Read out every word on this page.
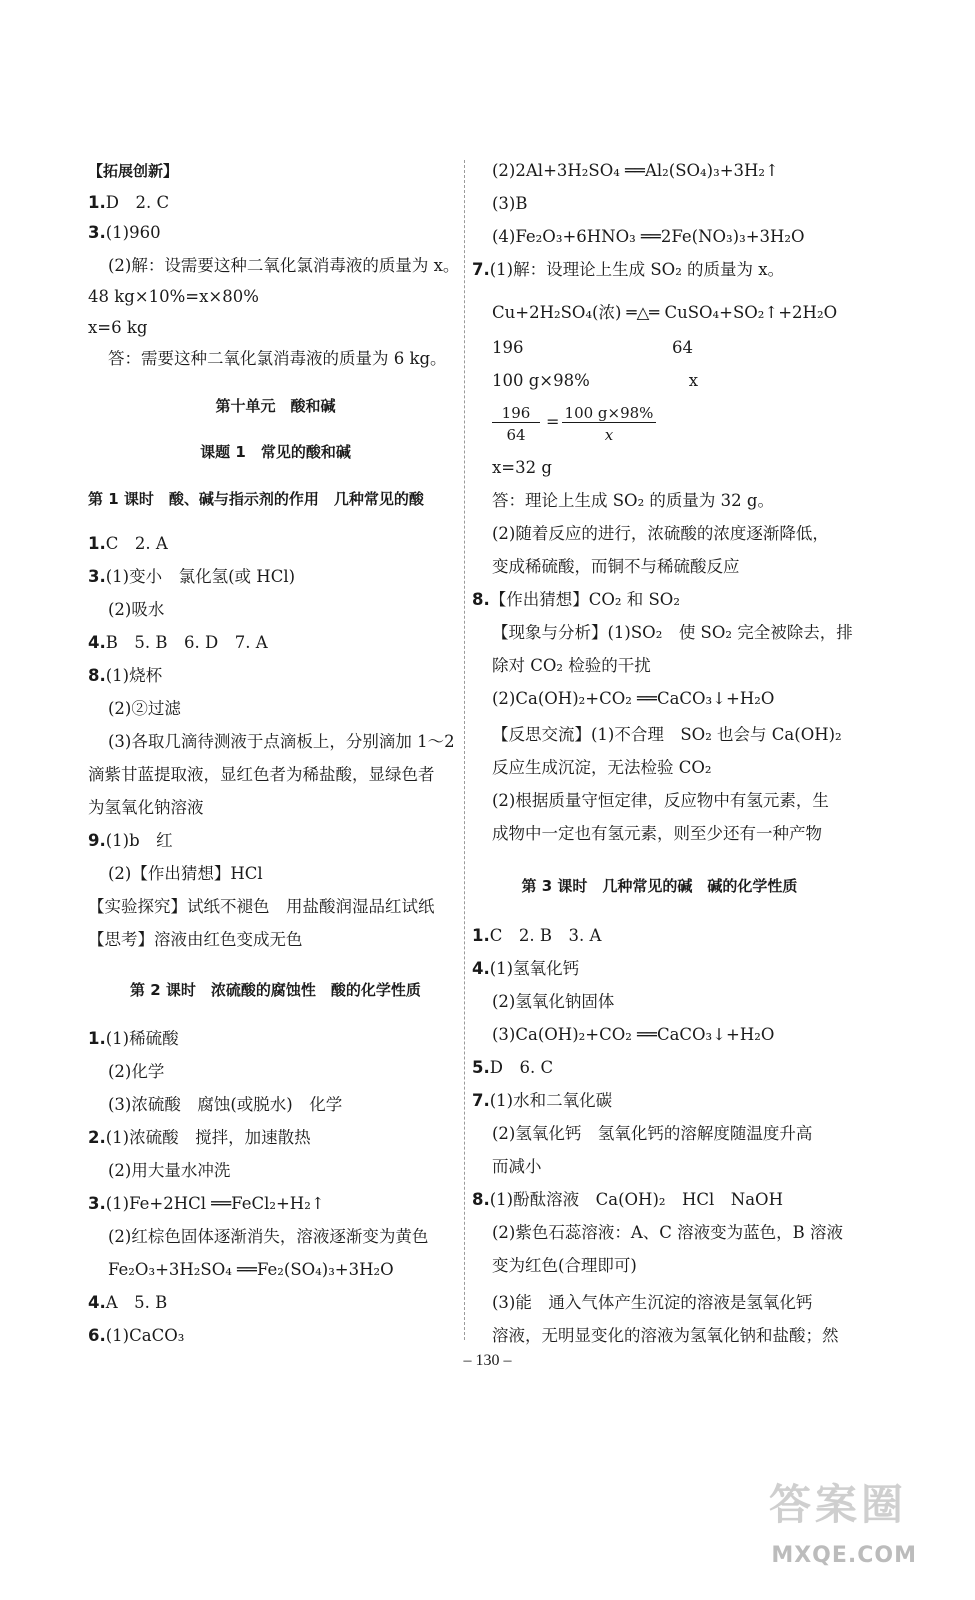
【拓展创新】
1.D　2. C
3.(1)960
(2)解：设需要这种二氧化氯消毒液的质量为 x。
48 kg×10%=x×80%
x=6 kg
答：需要这种二氧化氯消毒液的质量为 6 kg。
第十单元　酸和碱
课题 1　常见的酸和碱
第 1 课时　酸、碱与指示剂的作用　几种常见的酸
1.C　2. A
3.(1)变小　氯化氢(或 HCl)
(2)吸水
4.B　5. B　6. D　7. A
8.(1)烧杯
(2)②过滤
(3)各取几滴待测液于点滴板上，分别滴加 1～2
滴紫甘蓝提取液，显红色者为稀盐酸，显绿色者
为氢氧化钠溶液
9.(1)b　红
(2)【作出猜想】HCl
【实验探究】试纸不褪色　用盐酸润湿品红试纸
【思考】溶液由红色变成无色
第 2 课时　浓硫酸的腐蚀性　酸的化学性质
1.(1)稀硫酸
(2)化学
(3)浓硫酸　腐蚀(或脱水)　化学
2.(1)浓硫酸　搅拌，加速散热
(2)用大量水冲洗
3.(1)Fe+2HCl ══FeCl₂+H₂↑
(2)红棕色固体逐渐消失，溶液逐渐变为黄色
Fe₂O₃+3H₂SO₄ ══Fe₂(SO₄)₃+3H₂O
4.A　5. B
6.(1)CaCO₃
196
64
= 100 g×98%
x
(2)2Al+3H₂SO₄ ══Al₂(SO₄)₃+3H₂↑
(3)B
(4)Fe₂O₃+6HNO₃ ══2Fe(NO₃)₃+3H₂O
7.(1)解：设理论上生成 SO₂ 的质量为 x。
Cu+2H₂SO₄(浓) ═△═ CuSO₄+SO₂↑+2H₂O
196　　　　　　　　　64
100 g×98%　　　　　　x
x=32 g
答：理论上生成 SO₂ 的质量为 32 g。
(2)随着反应的进行，浓硫酸的浓度逐渐降低，
变成稀硫酸，而铜不与稀硫酸反应
8.【作出猜想】CO₂ 和 SO₂
【现象与分析】(1)SO₂　使 SO₂ 完全被除去，排
除对 CO₂ 检验的干扰
(2)Ca(OH)₂+CO₂ ══CaCO₃↓+H₂O
【反思交流】(1)不合理　SO₂ 也会与 Ca(OH)₂
反应生成沉淀，无法检验 CO₂
(2)根据质量守恒定律，反应物中有氢元素，生
成物中一定也有氢元素，则至少还有一种产物
第 3 课时　几种常见的碱　碱的化学性质
1.C　2. B　3. A
4.(1)氢氧化钙
(2)氢氧化钠固体
(3)Ca(OH)₂+CO₂ ══CaCO₃↓+H₂O
5.D　6. C
7.(1)水和二氧化碳
(2)氢氧化钙　氢氧化钙的溶解度随温度升高
而减小
8.(1)酚酞溶液　Ca(OH)₂　HCl　NaOH
(2)紫色石蕊溶液：A、C 溶液变为蓝色，B 溶液
变为红色(合理即可)
(3)能　通入气体产生沉淀的溶液是氢氧化钙
溶液，无明显变化的溶液为氢氧化钠和盐酸；然
– 130 –
答案圈
MXQE.COM
